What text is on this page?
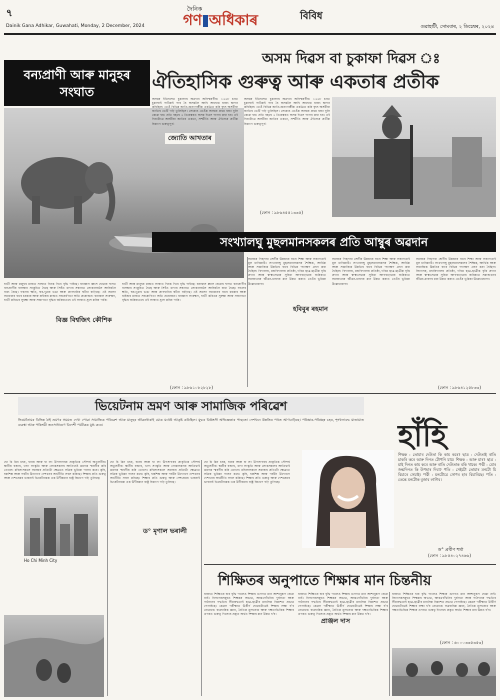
৭	দৈনিক
গণ অধিকাৰ	বিবিধ
Dainik Gana Adhikar, Guwahati, Monday, 2 December, 2024	গুৱাহাটী, সোমবাৰ, ২ ডিচেম্বৰ, ২০২৪
বন্যপ্ৰাণী আৰু মানুহৰ সংঘাত
হাতী আৰু মানুহৰ মাজত সংঘাত দিনক দিনে বৃদ্ধি পাইছে। বনাঞ্চল ধ্বংস হোৱাৰ ফলত বন্যপ্ৰাণীৰ বাসস্থান সংকুচিত হৈছে আৰু সিহঁত খাদ্যৰ সন্ধানত লোকালয়লৈ আহিবলৈ বাধ্য হৈছে। ফচলৰ ক্ষতি, ঘৰ-দুৱাৰ ভঙা আৰু প্ৰাণহানিৰ ঘটনা বাঢ়িছে। এই সমস্যা সমাধানৰ বাবে চৰকাৰ আৰু ৰাইজৰ মাজত সহযোগিতা অতি প্ৰয়োজন। বনাঞ্চল সংৰক্ষণ, হাতী কৰিডৰ সুৰক্ষা আৰু সজাগতা বৃদ্ধিৰ জৰিয়তেহে এই সংঘাত হ্ৰাস কৰিব পাৰি।
হাতী আৰু মানুহৰ মাজত সংঘাত দিনক দিনে বৃদ্ধি পাইছে। বনাঞ্চল ধ্বংস হোৱাৰ ফলত বন্যপ্ৰাণীৰ বাসস্থান সংকুচিত হৈছে আৰু সিহঁত খাদ্যৰ সন্ধানত লোকালয়লৈ আহিবলৈ বাধ্য হৈছে। ফচলৰ ক্ষতি, ঘৰ-দুৱাৰ ভঙা আৰু প্ৰাণহানিৰ ঘটনা বাঢ়িছে। এই সমস্যা সমাধানৰ বাবে চৰকাৰ আৰু ৰাইজৰ মাজত সহযোগিতা অতি প্ৰয়োজন। বনাঞ্চল সংৰক্ষণ, হাতী কৰিডৰ সুৰক্ষা আৰু সজাগতা বৃদ্ধিৰ জৰিয়তেহে এই সংঘাত হ্ৰাস কৰিব পাৰি।
বিজ্ঞ বিশ্বজিৎ কৌশিক
(ফোন : ৯৮৬১০৮২৮২৮)
অসম দিৱস বা চুকাফা দিৱস ঃ
ঐতিহাসিক গুৰুত্ব আৰু একতাৰ প্ৰতীক
অসমৰ ইতিহাসত চুকাফাৰ অৱদান অবিস্মৰণীয়। ১২২৮ চনত চুকাফাই পাটকাই পাৰ হৈ অসমলৈ আহি আহোম ৰাজ্য স্থাপন কৰিছিল। তেওঁ বিভিন্ন জাতি-জনগোষ্ঠীক একত্ৰিত কৰি বৃহৎ অসমীয়া জাতিৰ ভেটি গঢ়ি তুলিছিল। সেয়েহে তেওঁক অসমৰ প্ৰথম ৰজা বুলি কোৱা হয়। প্ৰতি বছৰে ২ ডিচেম্বৰত অসম দিৱস পালন কৰা হয়। এই দিনটোৱে অসমীয়া জাতিৰ একতা, সম্প্ৰীতি আৰু ঐতিহ্যৰ প্ৰতীক হিচাপে গুৰুত্বপূৰ্ণ।
অসমৰ ইতিহাসত চুকাফাৰ অৱদান অবিস্মৰণীয়। ১২২৮ চনত চুকাফাই পাটকাই পাৰ হৈ অসমলৈ আহি আহোম ৰাজ্য স্থাপন কৰিছিল। তেওঁ বিভিন্ন জাতি-জনগোষ্ঠীক একত্ৰিত কৰি বৃহৎ অসমীয়া জাতিৰ ভেটি গঢ়ি তুলিছিল। সেয়েহে তেওঁক অসমৰ প্ৰথম ৰজা বুলি কোৱা হয়। প্ৰতি বছৰে ২ ডিচেম্বৰত অসম দিৱস পালন কৰা হয়। এই দিনটোৱে অসমীয়া জাতিৰ একতা, সম্প্ৰীতি আৰু ঐতিহ্যৰ প্ৰতীক হিচাপে গুৰুত্বপূৰ্ণ।
জ্যোতি আখতাৰ
(ফোন : ৯৮৬৪৫৫১৩৩৫)
সংখ্যালঘু মুছলমানসকলৰ প্ৰতি আম্বুৰ অৱদান
সমাজৰ পিছপৰা শ্ৰেণীৰ উন্নয়নৰ বাবে শিক্ষা আৰু সজাগতাই মূল চাবিকাঠি। সংখ্যালঘু মুছলমানসকলৰ শৈক্ষিক, আৰ্থিক আৰু সামাজিক উন্নতিৰ বাবে বিভিন্ন পদক্ষেপ গ্ৰহণ কৰা হৈছিল। বিদ্যালয়, মহাবিদ্যালয় প্ৰতিষ্ঠা, দৰিদ্ৰ ছাত্ৰ-ছাত্ৰীক বৃত্তি প্ৰদান আৰু স্বাস্থ্যসেৱাৰ সুবিধা আগবঢ়োৱাৰ জৰিয়তে সমাজখনৰ জীৱন-ধাৰণৰ মান উন্নত কৰাত তেওঁৰ ভূমিকা উল্লেখযোগ্য।
সমাজৰ পিছপৰা শ্ৰেণীৰ উন্নয়নৰ বাবে শিক্ষা আৰু সজাগতাই মূল চাবিকাঠি। সংখ্যালঘু মুছলমানসকলৰ শৈক্ষিক, আৰ্থিক আৰু সামাজিক উন্নতিৰ বাবে বিভিন্ন পদক্ষেপ গ্ৰহণ কৰা হৈছিল। বিদ্যালয়, মহাবিদ্যালয় প্ৰতিষ্ঠা, দৰিদ্ৰ ছাত্ৰ-ছাত্ৰীক বৃত্তি প্ৰদান আৰু স্বাস্থ্যসেৱাৰ সুবিধা আগবঢ়োৱাৰ জৰিয়তে সমাজখনৰ জীৱন-ধাৰণৰ মান উন্নত কৰাত তেওঁৰ ভূমিকা উল্লেখযোগ্য।
সমাজৰ পিছপৰা শ্ৰেণীৰ উন্নয়নৰ বাবে শিক্ষা আৰু সজাগতাই মূল চাবিকাঠি। সংখ্যালঘু মুছলমানসকলৰ শৈক্ষিক, আৰ্থিক আৰু সামাজিক উন্নতিৰ বাবে বিভিন্ন পদক্ষেপ গ্ৰহণ কৰা হৈছিল। বিদ্যালয়, মহাবিদ্যালয় প্ৰতিষ্ঠা, দৰিদ্ৰ ছাত্ৰ-ছাত্ৰীক বৃত্তি প্ৰদান আৰু স্বাস্থ্যসেৱাৰ সুবিধা আগবঢ়োৱাৰ জৰিয়তে সমাজখনৰ জীৱন-ধাৰণৰ মান উন্নত কৰাত তেওঁৰ ভূমিকা উল্লেখযোগ্য।
হবিবুৰ ৰহমান
(ফোন : ৯৮৬৪১২৫৮৩৩)
ভিয়েটনাম ভ্ৰমণ আৰু সামাজিক পৰিৱেশ
ভিয়েটনামৰ বিভিন্ন ঠাই ভ্ৰমণৰ সময়ত দেখা পোৱা সামাজিক পৰিৱেশ আৰু মানুহৰ জীৱনধাৰাই মোক যথেষ্ট আকৃষ্ট কৰিছিল। যুদ্ধৰ বিধ্বংসী অভিজ্ঞতাৰ পাছতো দেশখনে উন্নতিৰ পথত আগবাঢ়িছে। পৰিষ্কাৰ-পৰিচ্ছন্ন চহৰ, শৃংখলাবদ্ধ যাতায়াত ব্যৱস্থা আৰু পৰিশ্ৰমী জনসাধাৰণে বিদেশী পৰ্যটকক মুগ্ধ কৰে।
হো চি মিন চহৰ, হানয় আৰু হা লং উপসাগৰৰ প্ৰাকৃতিক সৌন্দৰ্য অতুলনীয়। স্থানীয় বজাৰ, খাদ্য সংস্কৃতি আৰু লোকসকলৰ আতিথ্যই ভ্ৰমণক স্মৰণীয় কৰি তোলে। মহিলাসকলে সমাজৰ প্ৰতিটো ক্ষেত্ৰতে সক্ৰিয় ভূমিকা পালন কৰে। কৃষি, হস্তশিল্প আৰু পৰ্যটন উদ্যোগে দেশখনৰ অৰ্থনীতি সবল কৰিছে। শিক্ষাৰ প্ৰতি গুৰুত্ব আৰু দেশপ্ৰেমৰ ভাবনাই ভিয়েটনামক এক উদীয়মান ৰাষ্ট্ৰ হিচাপে গঢ়ি তুলিছে।
Ho Chi Minh City
হো চি মিন চহৰ, হানয় আৰু হা লং উপসাগৰৰ প্ৰাকৃতিক সৌন্দৰ্য অতুলনীয়। স্থানীয় বজাৰ, খাদ্য সংস্কৃতি আৰু লোকসকলৰ আতিথ্যই ভ্ৰমণক স্মৰণীয় কৰি তোলে। মহিলাসকলে সমাজৰ প্ৰতিটো ক্ষেত্ৰতে সক্ৰিয় ভূমিকা পালন কৰে। কৃষি, হস্তশিল্প আৰু পৰ্যটন উদ্যোগে দেশখনৰ অৰ্থনীতি সবল কৰিছে। শিক্ষাৰ প্ৰতি গুৰুত্ব আৰু দেশপ্ৰেমৰ ভাবনাই ভিয়েটনামক এক উদীয়মান ৰাষ্ট্ৰ হিচাপে গঢ়ি তুলিছে।
ড° মৃণাল ভৰালী
হো চি মিন চহৰ, হানয় আৰু হা লং উপসাগৰৰ প্ৰাকৃতিক সৌন্দৰ্য অতুলনীয়। স্থানীয় বজাৰ, খাদ্য সংস্কৃতি আৰু লোকসকলৰ আতিথ্যই ভ্ৰমণক স্মৰণীয় কৰি তোলে। মহিলাসকলে সমাজৰ প্ৰতিটো ক্ষেত্ৰতে সক্ৰিয় ভূমিকা পালন কৰে। কৃষি, হস্তশিল্প আৰু পৰ্যটন উদ্যোগে দেশখনৰ অৰ্থনীতি সবল কৰিছে। শিক্ষাৰ প্ৰতি গুৰুত্ব আৰু দেশপ্ৰেমৰ ভাবনাই ভিয়েটনামক এক উদীয়মান ৰাষ্ট্ৰ হিচাপে গঢ়ি তুলিছে।
হাঁহি
শিক্ষক : তোমাৰ দেউতা কি কাম কৰে? ছাত্ৰ : দেউতাই ৰাতি চাকৰি কৰে আৰু দিনত টোপনি যায়। শিক্ষক : আৰু মাৰ? ছাত্ৰ : মাই দিনত কাম কৰে আৰু ৰাতি দেউতাক বকি থাকে। পত্নী : মোৰ জন্মদিনত কি উপহাৰ দিবা? পতি : সেইটো তোমাৰ মনটো যি বিচাৰে সেয়াই। পত্নী : মনটোৱে সোণৰ হাৰ বিচাৰিছে। পতি : তেন্তে মনটোক বুজাব লাগিব।
ড° প্ৰবীণ শৰ্মা
(ফোন : ৯৮৫৪০২৭৪৬৬)
শিক্ষিতৰ অনুপাতে শিক্ষাৰ মান চিন্তনীয়
ৰাজ্যত শিক্ষিতৰ হাৰ বৃদ্ধি পালেও শিক্ষাৰ গুণগত মান আশানুৰূপ হোৱা নাই। বিদ্যালয়সমূহত শিক্ষকৰ অভাৱ, আন্তঃগাঁথনিৰ দুৰ্বলতা আৰু পাঠদানৰ পদ্ধতিৰ সীমাবদ্ধতাই ছাত্ৰ-ছাত্ৰীৰ মানসিক বিকাশত প্ৰভাৱ পেলাইছে। কেৱল পৰীক্ষাত উত্তীৰ্ণ হোৱাটোৱেই শিক্ষাৰ লক্ষ্য হ'ব নোৱাৰে। ব্যৱহাৰিক জ্ঞান, নৈতিক মূল্যবোধ আৰু দক্ষতাভিত্তিক শিক্ষাৰ ওপৰত গুৰুত্ব দিলেহে প্ৰকৃত অৰ্থত শিক্ষাৰ মান উন্নত হ'ব।
ৰাজ্যত শিক্ষিতৰ হাৰ বৃদ্ধি পালেও শিক্ষাৰ গুণগত মান আশানুৰূপ হোৱা নাই। বিদ্যালয়সমূহত শিক্ষকৰ অভাৱ, আন্তঃগাঁথনিৰ দুৰ্বলতা আৰু পাঠদানৰ পদ্ধতিৰ সীমাবদ্ধতাই ছাত্ৰ-ছাত্ৰীৰ মানসিক বিকাশত প্ৰভাৱ পেলাইছে। কেৱল পৰীক্ষাত উত্তীৰ্ণ হোৱাটোৱেই শিক্ষাৰ লক্ষ্য হ'ব নোৱাৰে। ব্যৱহাৰিক জ্ঞান, নৈতিক মূল্যবোধ আৰু দক্ষতাভিত্তিক শিক্ষাৰ ওপৰত গুৰুত্ব দিলেহে প্ৰকৃত অৰ্থত শিক্ষাৰ মান উন্নত হ'ব।
প্ৰাঞ্জল দাস
ৰাজ্যত শিক্ষিতৰ হাৰ বৃদ্ধি পালেও শিক্ষাৰ গুণগত মান আশানুৰূপ হোৱা নাই। বিদ্যালয়সমূহত শিক্ষকৰ অভাৱ, আন্তঃগাঁথনিৰ দুৰ্বলতা আৰু পাঠদানৰ পদ্ধতিৰ সীমাবদ্ধতাই ছাত্ৰ-ছাত্ৰীৰ মানসিক বিকাশত প্ৰভাৱ পেলাইছে। কেৱল পৰীক্ষাত উত্তীৰ্ণ হোৱাটোৱেই শিক্ষাৰ লক্ষ্য হ'ব নোৱাৰে। ব্যৱহাৰিক জ্ঞান, নৈতিক মূল্যবোধ আৰু দক্ষতাভিত্তিক শিক্ষাৰ ওপৰত গুৰুত্ব দিলেহে প্ৰকৃত অৰ্থত শিক্ষাৰ মান উন্নত হ'ব।
(ফোন : ৬০০০৩৩৫৩৫৩)
